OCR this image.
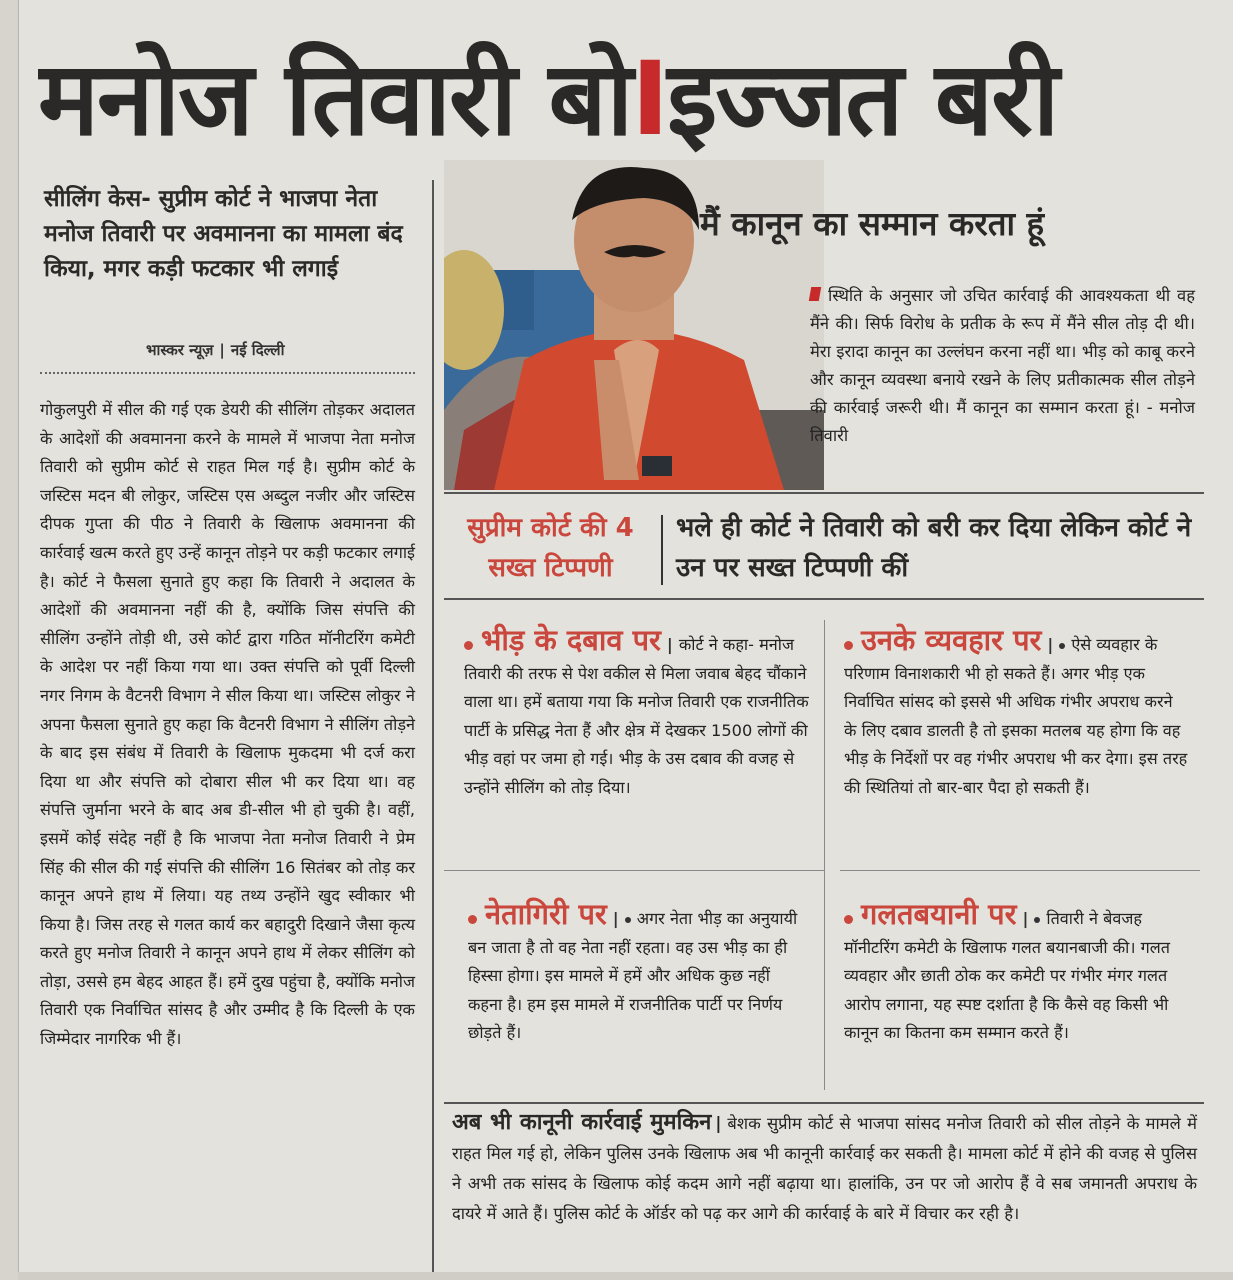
मनोज तिवारी बोIइज्जत बरी
सीलिंग केस- सुप्रीम कोर्ट ने भाजपा नेता मनोज तिवारी पर अवमानना का मामला बंद किया, मगर कड़ी फटकार भी लगाई
भास्कर न्यूज़ | नई दिल्ली
गोकुलपुरी में सील की गई एक डेयरी की सीलिंग तोड़कर अदालत के आदेशों की अवमानना करने के मामले में भाजपा नेता मनोज तिवारी को सुप्रीम कोर्ट से राहत मिल गई है। सुप्रीम कोर्ट के जस्टिस मदन बी लोकुर, जस्टिस एस अब्दुल नजीर और जस्टिस दीपक गुप्ता की पीठ ने तिवारी के खिलाफ अवमानना की कार्रवाई खत्म करते हुए उन्हें कानून तोड़ने पर कड़ी फटकार लगाई है। कोर्ट ने फैसला सुनाते हुए कहा कि तिवारी ने अदालत के आदेशों की अवमानना नहीं की है, क्योंकि जिस संपत्ति की सीलिंग उन्होंने तोड़ी थी, उसे कोर्ट द्वारा गठित मॉनीटरिंग कमेटी के आदेश पर नहीं किया गया था। उक्त संपत्ति को पूर्वी दिल्ली नगर निगम के वैटनरी विभाग ने सील किया था। जस्टिस लोकुर ने अपना फैसला सुनाते हुए कहा कि वैटनरी विभाग ने सीलिंग तोड़ने के बाद इस संबंध में तिवारी के खिलाफ मुकदमा भी दर्ज करा दिया था और संपत्ति को दोबारा सील भी कर दिया था। वह संपत्ति जुर्माना भरने के बाद अब डी-सील भी हो चुकी है। वहीं, इसमें कोई संदेह नहीं है कि भाजपा नेता मनोज तिवारी ने प्रेम सिंह की सील की गई संपत्ति की सीलिंग 16 सितंबर को तोड़ कर कानून अपने हाथ में लिया। यह तथ्य उन्होंने खुद स्वीकार भी किया है। जिस तरह से गलत कार्य कर बहादुरी दिखाने जैसा कृत्य करते हुए मनोज तिवारी ने कानून अपने हाथ में लेकर सीलिंग को तोड़ा, उससे हम बेहद आहत हैं। हमें दुख पहुंचा है, क्योंकि मनोज तिवारी एक निर्वाचित सांसद है और उम्मीद है कि दिल्ली के एक जिम्मेदार नागरिक भी हैं।
मैं कानून का सम्मान करता हूं
स्थिति के अनुसार जो उचित कार्रवाई की आवश्यकता थी वह मैंने की। सिर्फ विरोध के प्रतीक के रूप में मैंने सील तोड़ दी थी। मेरा इरादा कानून का उल्लंघन करना नहीं था। भीड़ को काबू करने और कानून व्यवस्था बनाये रखने के लिए प्रतीकात्मक सील तोड़ने की कार्रवाई जरूरी थी। मैं कानून का सम्मान करता हूं। - मनोज तिवारी
सुप्रीम कोर्ट की 4 सख्त टिप्पणी
भले ही कोर्ट ने तिवारी को बरी कर दिया लेकिन कोर्ट ने उन पर सख्त टिप्पणी कीं
भीड़ के दबाव पर | कोर्ट ने कहा- मनोज तिवारी की तरफ से पेश वकील से मिला जवाब बेहद चौंकाने वाला था। हमें बताया गया कि मनोज तिवारी एक राजनीतिक पार्टी के प्रसिद्ध नेता हैं और क्षेत्र में देखकर 1500 लोगों की भीड़ वहां पर जमा हो गई। भीड़ के उस दबाव की वजह से उन्होंने सीलिंग को तोड़ दिया।
उनके व्यवहार पर | ऐसे व्यवहार के परिणाम विनाशकारी भी हो सकते हैं। अगर भीड़ एक निर्वाचित सांसद को इससे भी अधिक गंभीर अपराध करने के लिए दबाव डालती है तो इसका मतलब यह होगा कि वह भीड़ के निर्देशों पर वह गंभीर अपराध भी कर देगा। इस तरह की स्थितियां तो बार-बार पैदा हो सकती हैं।
नेतागिरी पर | अगर नेता भीड़ का अनुयायी बन जाता है तो वह नेता नहीं रहता। वह उस भीड़ का ही हिस्सा होगा। इस मामले में हमें और अधिक कुछ नहीं कहना है। हम इस मामले में राजनीतिक पार्टी पर निर्णय छोड़ते हैं।
गलतबयानी पर | तिवारी ने बेवजह मॉनीटरिंग कमेटी के खिलाफ गलत बयानबाजी की। गलत व्यवहार और छाती ठोक कर कमेटी पर गंभीर मंगर गलत आरोप लगाना, यह स्पष्ट दर्शाता है कि कैसे वह किसी भी कानून का कितना कम सम्मान करते हैं।
अब भी कानूनी कार्रवाई मुमकिन | बेशक सुप्रीम कोर्ट से भाजपा सांसद मनोज तिवारी को सील तोड़ने के मामले में राहत मिल गई हो, लेकिन पुलिस उनके खिलाफ अब भी कानूनी कार्रवाई कर सकती है। मामला कोर्ट में होने की वजह से पुलिस ने अभी तक सांसद के खिलाफ कोई कदम आगे नहीं बढ़ाया था। हालांकि, उन पर जो आरोप हैं वे सब जमानती अपराध के दायरे में आते हैं। पुलिस कोर्ट के ऑर्डर को पढ़ कर आगे की कार्रवाई के बारे में विचार कर रही है।
